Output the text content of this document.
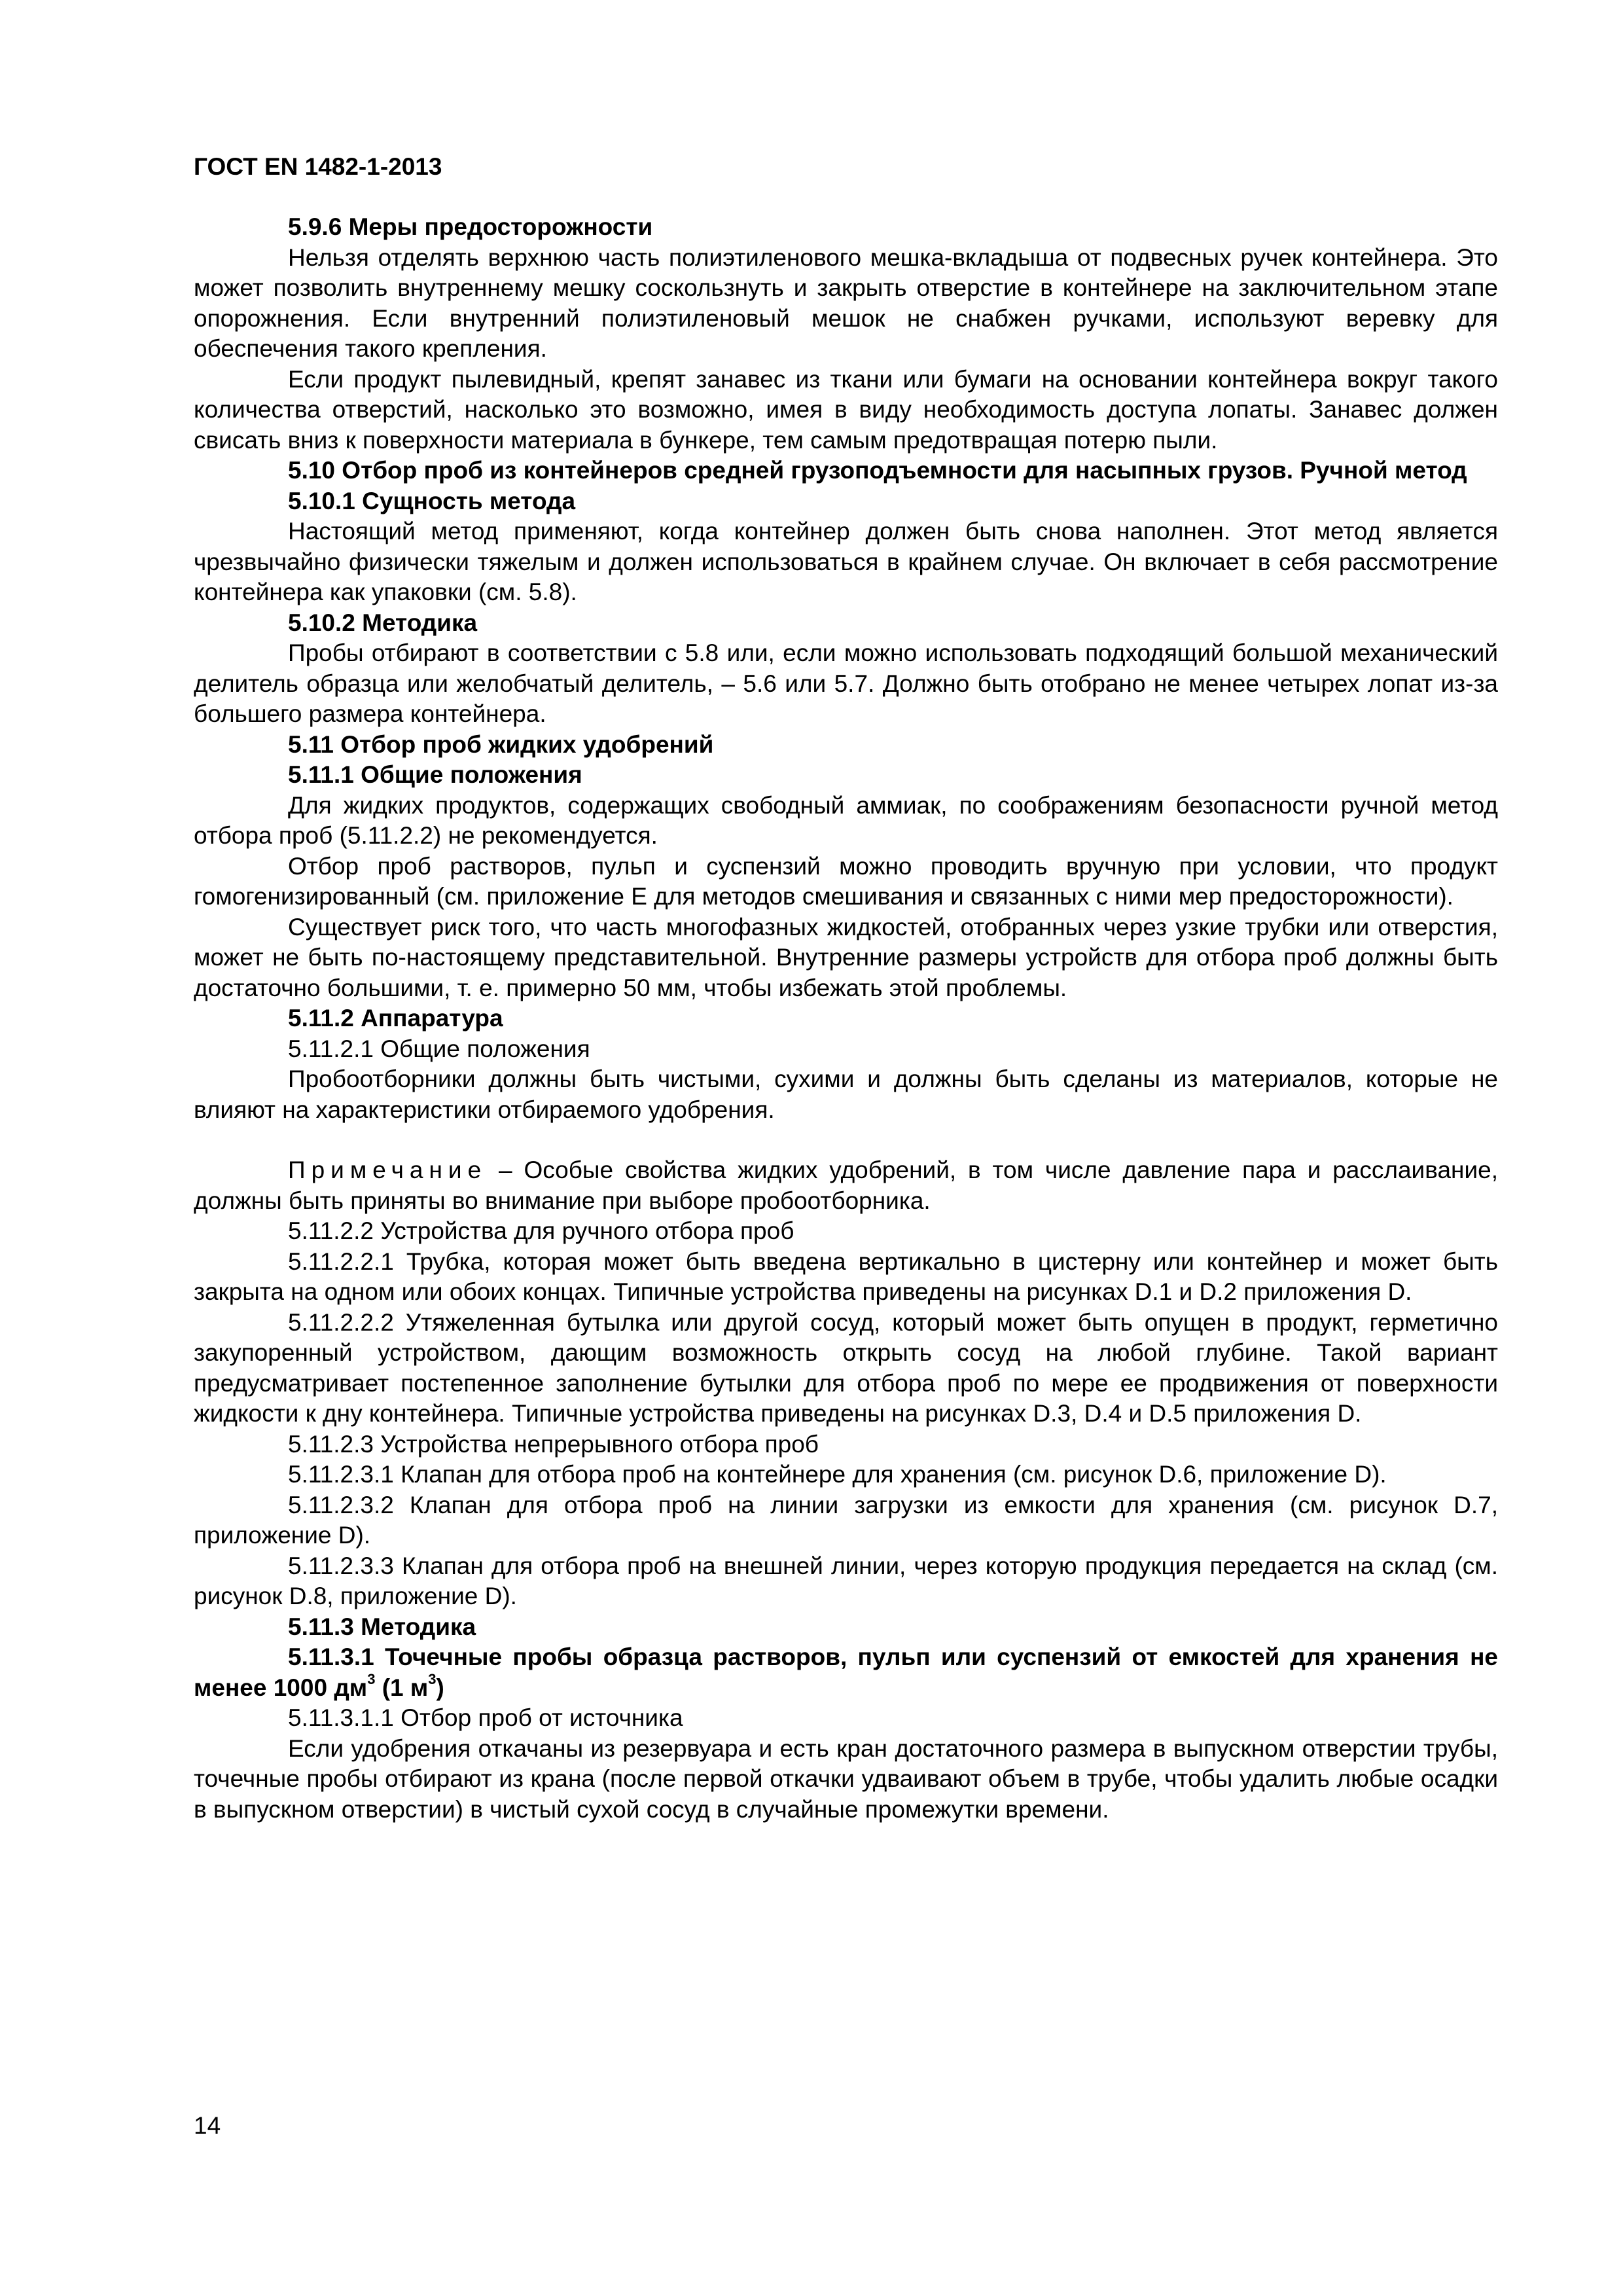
ГОСТ EN 1482-1-2013

5.9.6 Меры предосторожности

Нельзя отделять верхнюю часть полиэтиленового мешка-вкладыша от подвесных ручек контейнера. Это может позволить внутреннему мешку соскользнуть и закрыть отверстие в контейнере на заключительном этапе опорожнения. Если внутренний полиэтиленовый мешок не снабжен ручками, используют веревку для обеспечения такого крепления.

Если продукт пылевидный, крепят занавес из ткани или бумаги на основании контейнера вокруг такого количества отверстий, насколько это возможно, имея в виду необходимость доступа лопаты. Занавес должен свисать вниз к поверхности материала в бункере, тем самым предотвращая потерю пыли.

5.10 Отбор проб из контейнеров средней грузоподъемности для насыпных грузов. Ручной метод

5.10.1 Сущность метода

Настоящий метод применяют, когда контейнер должен быть снова наполнен. Этот метод является чрезвычайно физически тяжелым и должен использоваться в крайнем случае. Он включает в себя рассмотрение контейнера как упаковки (см. 5.8).

5.10.2 Методика

Пробы отбирают в соответствии с 5.8 или, если можно использовать подходящий большой механический делитель образца или желобчатый делитель, – 5.6 или 5.7. Должно быть отобрано не менее четырех лопат из-за большего размера контейнера.

5.11 Отбор проб жидких удобрений

5.11.1 Общие положения

Для жидких продуктов, содержащих свободный аммиак, по соображениям безопасности ручной метод отбора проб (5.11.2.2) не рекомендуется.

Отбор проб растворов, пульп и суспензий можно проводить вручную при условии, что продукт гомогенизированный (см. приложение Е для методов смешивания и связанных с ними мер предосторожности).

Существует риск того, что часть многофазных жидкостей, отобранных через узкие трубки или отверстия, может не быть по-настоящему представительной. Внутренние размеры устройств для отбора проб должны быть достаточно большими, т. е. примерно 50 мм, чтобы избежать этой проблемы.

5.11.2 Аппаратура

5.11.2.1 Общие положения

Пробоотборники должны быть чистыми, сухими и должны быть сделаны из материалов, которые не влияют на характеристики отбираемого удобрения.

Примечание – Особые свойства жидких удобрений, в том числе давление пара и расслаивание, должны быть приняты во внимание при выборе пробоотборника.

5.11.2.2 Устройства для ручного отбора проб

5.11.2.2.1 Трубка, которая может быть введена вертикально в цистерну или контейнер и может быть закрыта на одном или обоих концах. Типичные устройства приведены на рисунках D.1 и D.2 приложения D.

5.11.2.2.2 Утяжеленная бутылка или другой сосуд, который может быть опущен в продукт, герметично закупоренный устройством, дающим возможность открыть сосуд на любой глубине. Такой вариант предусматривает постепенное заполнение бутылки для отбора проб по мере ее продвижения от поверхности жидкости к дну контейнера. Типичные устройства приведены на рисунках D.3, D.4 и D.5 приложения D.

5.11.2.3 Устройства непрерывного отбора проб

5.11.2.3.1 Клапан для отбора проб на контейнере для хранения (см. рисунок D.6, приложение D).

5.11.2.3.2 Клапан для отбора проб на линии загрузки из емкости для хранения (см. рисунок D.7, приложение D).

5.11.2.3.3 Клапан для отбора проб на внешней линии, через которую продукция передается на склад (см. рисунок D.8, приложение D).

5.11.3 Методика

5.11.3.1 Точечные пробы образца растворов, пульп или суспензий от емкостей для хранения не менее 1000 $дм^3$ (1 $м^3$)

5.11.3.1.1 Отбор проб от источника

Если удобрения откачаны из резервуара и есть кран достаточного размера в выпускном отверстии трубы, точечные пробы отбирают из крана (после первой откачки удваивают объем в трубе, чтобы удалить любые осадки в выпускном отверстии) в чистый сухой сосуд в случайные промежутки времени.

14
